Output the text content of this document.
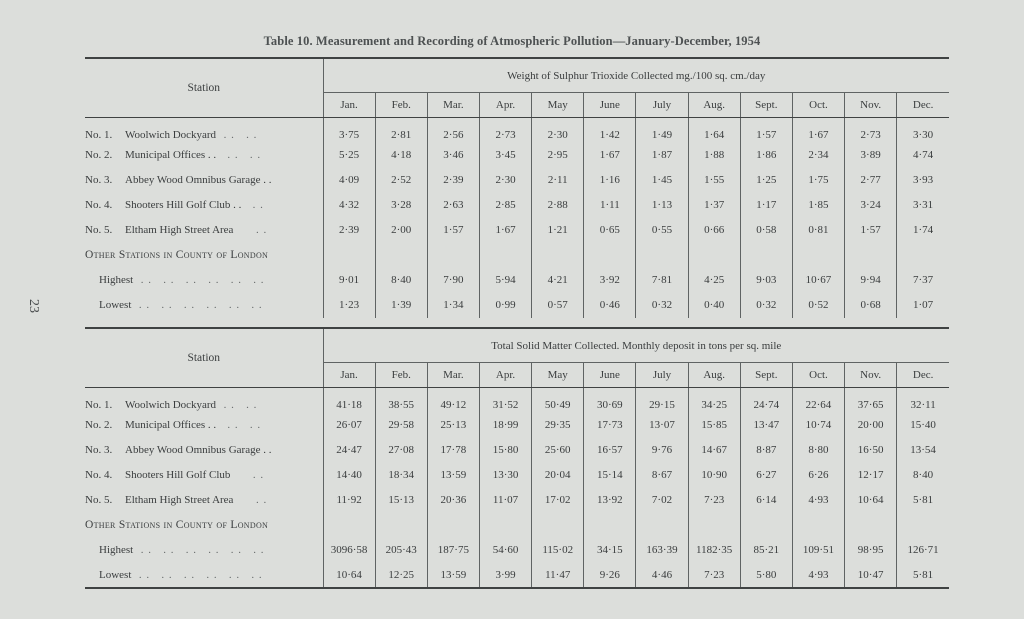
23
Table 10. Measurement and Recording of Atmospheric Pollution—January-December, 1954
Station	Weight of Sulphur Trioxide Collected mg./100 sq. cm./day											
	Jan.	Feb.	Mar.	Apr.	May	June	July	Aug.	Sept.	Oct.	Nov.	Dec.
No. 1. Woolwich Dockyard  . .   . .	3·75	2·81	2·56	2·73	2·30	1·42	1·49	1·64	1·57	1·67	2·73	3·30
No. 2. Municipal Offices . .   . .   . .	5·25	4·18	3·46	3·45	2·95	1·67	1·87	1·88	1·86	2·34	3·89	4·74
No. 3. Abbey Wood Omnibus Garage . .	4·09	2·52	2·39	2·30	2·11	1·16	1·45	1·55	1·25	1·75	2·77	3·93
No. 4. Shooters Hill Golf Club . .   . .	4·32	3·28	2·63	2·85	2·88	1·11	1·13	1·37	1·17	1·85	3·24	3·31
No. 5. Eltham High Street Area      . .	2·39	2·00	1·57	1·67	1·21	0·65	0·55	0·66	0·58	0·81	1·57	1·74
Other Stations in County of London												
Highest  . .   . .   . .   . .   . .   . .	9·01	8·40	7·90	5·94	4·21	3·92	7·81	4·25	9·03	10·67	9·94	7·37
Lowest  . .   . .   . .   . .   . .   . .	1·23	1·39	1·34	0·99	0·57	0·46	0·32	0·40	0·32	0·52	0·68	1·07
Station	Total Solid Matter Collected. Monthly deposit in tons per sq. mile											
	Jan.	Feb.	Mar.	Apr.	May	June	July	Aug.	Sept.	Oct.	Nov.	Dec.
No. 1. Woolwich Dockyard  . .   . .	41·18	38·55	49·12	31·52	50·49	30·69	29·15	34·25	24·74	22·64	37·65	32·11
No. 2. Municipal Offices . .   . .   . .	26·07	29·58	25·13	18·99	29·35	17·73	13·07	15·85	13·47	10·74	20·00	15·40
No. 3. Abbey Wood Omnibus Garage . .	24·47	27·08	17·78	15·80	25·60	16·57	9·76	14·67	8·87	8·80	16·50	13·54
No. 4. Shooters Hill Golf Club      . .	14·40	18·34	13·59	13·30	20·04	15·14	8·67	10·90	6·27	6·26	12·17	8·40
No. 5. Eltham High Street Area      . .	11·92	15·13	20·36	11·07	17·02	13·92	7·02	7·23	6·14	4·93	10·64	5·81
Other Stations in County of London												
Highest  . .   . .   . .   . .   . .   . .	3096·58	205·43	187·75	54·60	115·02	34·15	163·39	1182·35	85·21	109·51	98·95	126·71
Lowest  . .   . .   . .   . .   . .   . .	10·64	12·25	13·59	3·99	11·47	9·26	4·46	7·23	5·80	4·93	10·47	5·81
